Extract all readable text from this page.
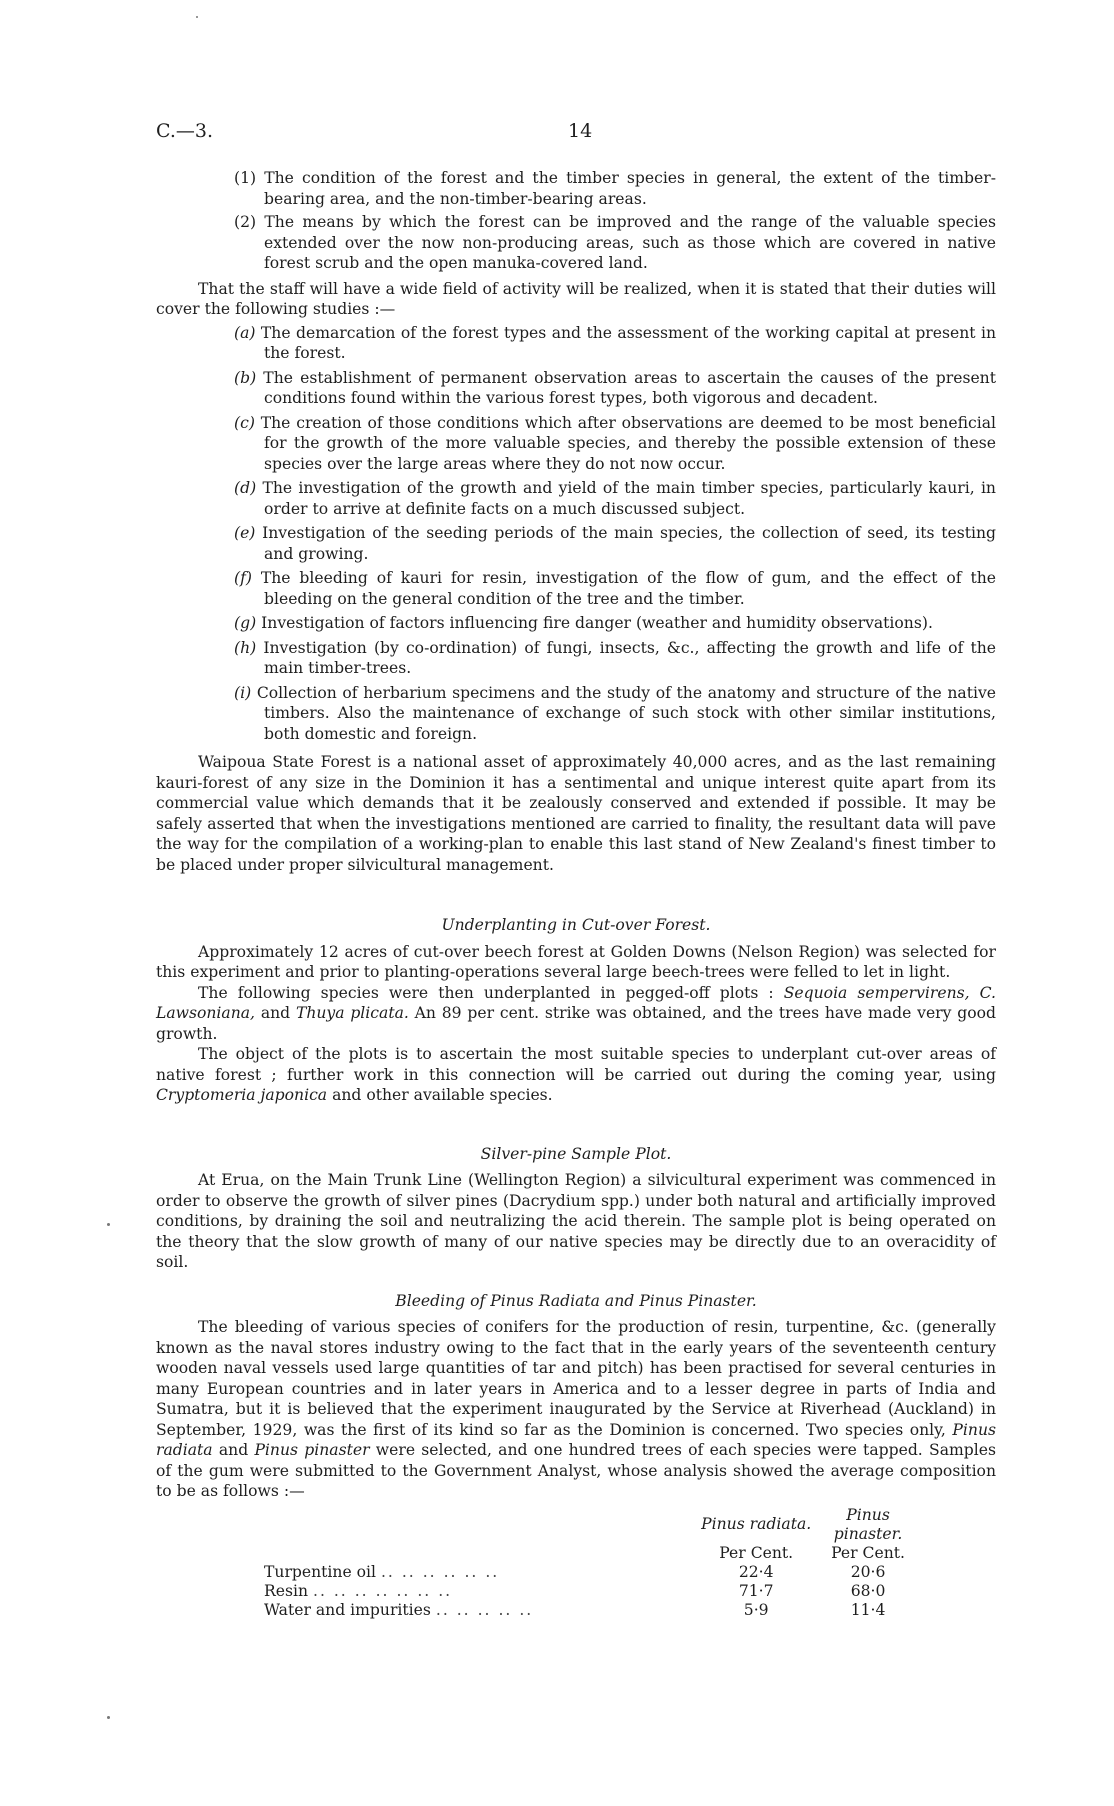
C.—3.	14

(1) The condition of the forest and the timber species in general, the extent of the timber-bearing area, and the non-timber-bearing areas.

(2) The means by which the forest can be improved and the range of the valuable species extended over the now non-producing areas, such as those which are covered in native forest scrub and the open manuka-covered land.

That the staff will have a wide field of activity will be realized, when it is stated that their duties will cover the following studies :—

(a) The demarcation of the forest types and the assessment of the working capital at present in the forest.

(b) The establishment of permanent observation areas to ascertain the causes of the present conditions found within the various forest types, both vigorous and decadent.

(c) The creation of those conditions which after observations are deemed to be most beneficial for the growth of the more valuable species, and thereby the possible extension of these species over the large areas where they do not now occur.

(d) The investigation of the growth and yield of the main timber species, particularly kauri, in order to arrive at definite facts on a much discussed subject.

(e) Investigation of the seeding periods of the main species, the collection of seed, its testing and growing.

(f) The bleeding of kauri for resin, investigation of the flow of gum, and the effect of the bleeding on the general condition of the tree and the timber.

(g) Investigation of factors influencing fire danger (weather and humidity observations).

(h) Investigation (by co-ordination) of fungi, insects, &c., affecting the growth and life of the main timber-trees.

(i) Collection of herbarium specimens and the study of the anatomy and structure of the native timbers. Also the maintenance of exchange of such stock with other similar institutions, both domestic and foreign.

Waipoua State Forest is a national asset of approximately 40,000 acres, and as the last remaining kauri-forest of any size in the Dominion it has a sentimental and unique interest quite apart from its commercial value which demands that it be zealously conserved and extended if possible. It may be safely asserted that when the investigations mentioned are carried to finality, the resultant data will pave the way for the compilation of a working-plan to enable this last stand of New Zealand's finest timber to be placed under proper silvicultural management.

Underplanting in Cut-over Forest.

Approximately 12 acres of cut-over beech forest at Golden Downs (Nelson Region) was selected for this experiment and prior to planting-operations several large beech-trees were felled to let in light.

The following species were then underplanted in pegged-off plots : Sequoia sempervirens, C. Lawsoniana, and Thuya plicata. An 89 per cent. strike was obtained, and the trees have made very good growth.

The object of the plots is to ascertain the most suitable species to underplant cut-over areas of native forest ; further work in this connection will be carried out during the coming year, using Cryptomeria japonica and other available species.

Silver-pine Sample Plot.

At Erua, on the Main Trunk Line (Wellington Region) a silvicultural experiment was commenced in order to observe the growth of silver pines (Dacrydium spp.) under both natural and artificially improved conditions, by draining the soil and neutralizing the acid therein. The sample plot is being operated on the theory that the slow growth of many of our native species may be directly due to an overacidity of soil.

Bleeding of Pinus Radiata and Pinus Pinaster.

The bleeding of various species of conifers for the production of resin, turpentine, &c. (generally known as the naval stores industry owing to the fact that in the early years of the seventeenth century wooden naval vessels used large quantities of tar and pitch) has been practised for several centuries in many European countries and in later years in America and to a lesser degree in parts of India and Sumatra, but it is believed that the experiment inaugurated by the Service at Riverhead (Auckland) in September, 1929, was the first of its kind so far as the Dominion is concerned. Two species only, Pinus radiata and Pinus pinaster were selected, and one hundred trees of each species were tapped. Samples of the gum were submitted to the Government Analyst, whose analysis showed the average composition to be as follows :—

	Pinus radiata.	Pinus pinaster.
	Per Cent.	Per Cent.
Turpentine oil .. .. .. .. .. ..	22·4	20·6
Resin .. .. .. .. .. .. ..	71·7	68·0
Water and impurities .. .. .. .. ..	5·9	11·4
